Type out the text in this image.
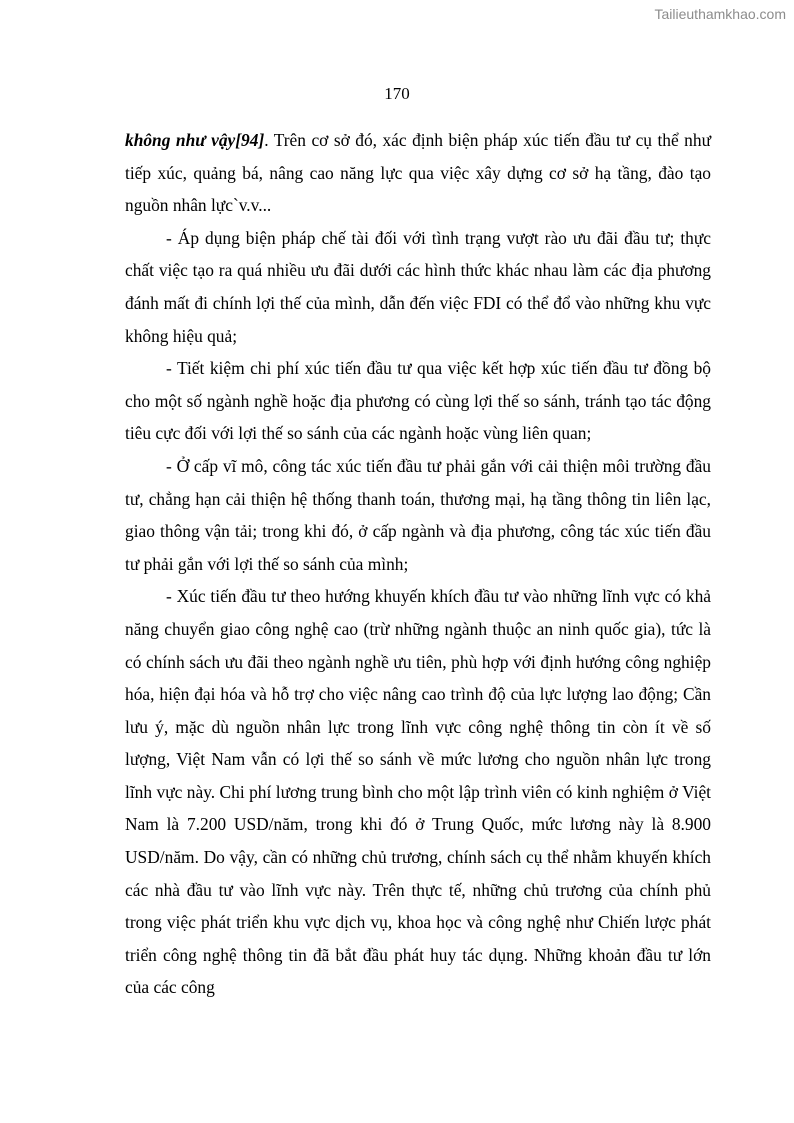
Tailieuthamkhao.com
170

không như vậy[94]. Trên cơ sở đó, xác định biện pháp xúc tiến đầu tư cụ thể như tiếp xúc, quảng bá, nâng cao năng lực qua việc xây dựng cơ sở hạ tầng, đào tạo nguồn nhân lực`v.v...

- Áp dụng biện pháp chế tài đối với tình trạng vượt rào ưu đãi đầu tư; thực chất việc tạo ra quá nhiều ưu đãi dưới các hình thức khác nhau làm các địa phương đánh mất đi chính lợi thế của mình, dẫn đến việc FDI có thể đổ vào những khu vực không hiệu quả;

- Tiết kiệm chi phí xúc tiến đầu tư qua việc kết hợp xúc tiến đầu tư đồng bộ cho một số ngành nghề hoặc địa phương có cùng lợi thế so sánh, tránh tạo tác động tiêu cực đối với lợi thế so sánh của các ngành hoặc vùng liên quan;

- Ở cấp vĩ mô, công tác xúc tiến đầu tư phải gắn với cải thiện môi trường đầu tư, chẳng hạn cải thiện hệ thống thanh toán, thương mại, hạ tầng thông tin liên lạc, giao thông vận tải; trong khi đó, ở cấp ngành và địa phương, công tác xúc tiến đầu tư phải gắn với lợi thế so sánh của mình;

- Xúc tiến đầu tư theo hướng khuyến khích đầu tư vào những lĩnh vực có khả năng chuyển giao công nghệ cao (trừ những ngành thuộc an ninh quốc gia), tức là có chính sách ưu đãi theo ngành nghề ưu tiên, phù hợp với định hướng công nghiệp hóa, hiện đại hóa và hỗ trợ cho việc nâng cao trình độ của lực lượng lao động; Cần lưu ý, mặc dù nguồn nhân lực trong lĩnh vực công nghệ thông tin còn ít về số lượng, Việt Nam vẫn có lợi thế so sánh về mức lương cho nguồn nhân lực trong lĩnh vực này. Chi phí lương trung bình cho một lập trình viên có kinh nghiệm ở Việt Nam là 7.200 USD/năm, trong khi đó ở Trung Quốc, mức lương này là 8.900 USD/năm. Do vậy, cần có những chủ trương, chính sách cụ thể nhằm khuyến khích các nhà đầu tư vào lĩnh vực này. Trên thực tế, những chủ trương của chính phủ trong việc phát triển khu vực dịch vụ, khoa học và công nghệ như Chiến lược phát triển công nghệ thông tin đã bắt đầu phát huy tác dụng. Những khoản đầu tư lớn của các công
